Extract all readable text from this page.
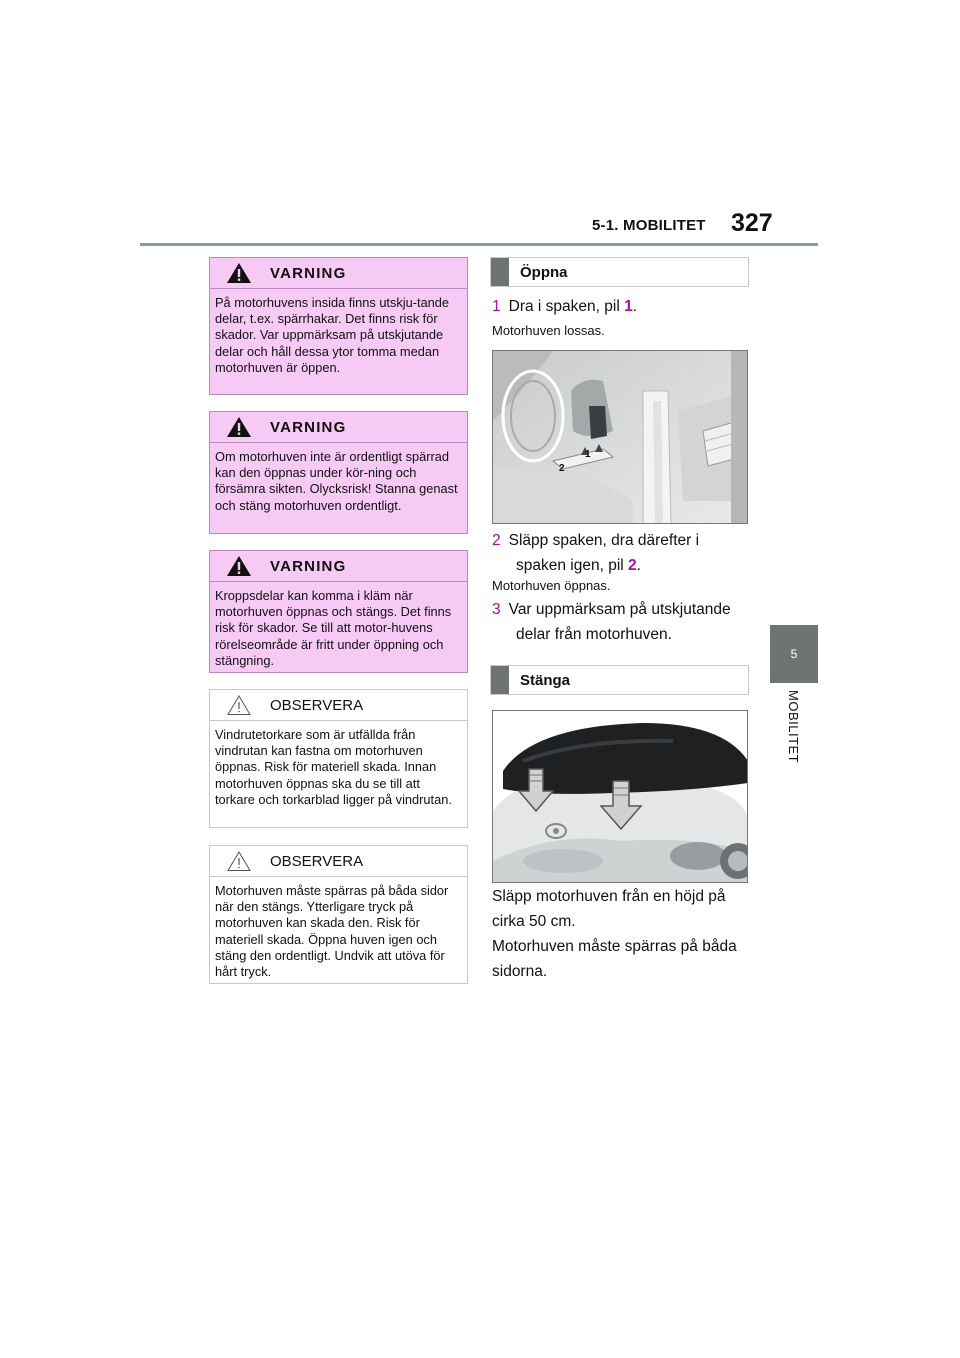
5-1. MOBILITET 327
5
MOBILITET
VARNING
På motorhuvens insida finns utskju-tande delar, t.ex. spärrhakar. Det finns risk för skador. Var uppmärksam på utskjutande delar och håll dessa ytor tomma medan motorhuven är öppen.
VARNING
Om motorhuven inte är ordentligt spärrad kan den öppnas under kör-ning och försämra sikten. Olycksrisk! Stanna genast och stäng motorhuven ordentligt.
VARNING
Kroppsdelar kan komma i kläm när motorhuven öppnas och stängs. Det finns risk för skador. Se till att motor-huvens rörelseområde är fritt under öppning och stängning.
OBSERVERA
Vindrutetorkare som är utfällda från vindrutan kan fastna om motorhuven öppnas. Risk för materiell skada. Innan motorhuven öppnas ska du se till att torkare och torkarblad ligger på vindrutan.
OBSERVERA
Motorhuven måste spärras på båda sidor när den stängs. Ytterligare tryck på motorhuven kan skada den. Risk för materiell skada. Öppna huven igen och stäng den ordentligt. Undvik att utöva för hårt tryck.
Öppna
1 Dra i spaken, pil 1.
Motorhuven lossas.
2
1
2 Släpp spaken, dra därefter i
spaken igen, pil 2.
Motorhuven öppnas.
3 Var uppmärksam på utskjutande
delar från motorhuven.
Stänga
Släpp motorhuven från en höjd på cirka 50 cm.
Motorhuven måste spärras på båda sidorna.
